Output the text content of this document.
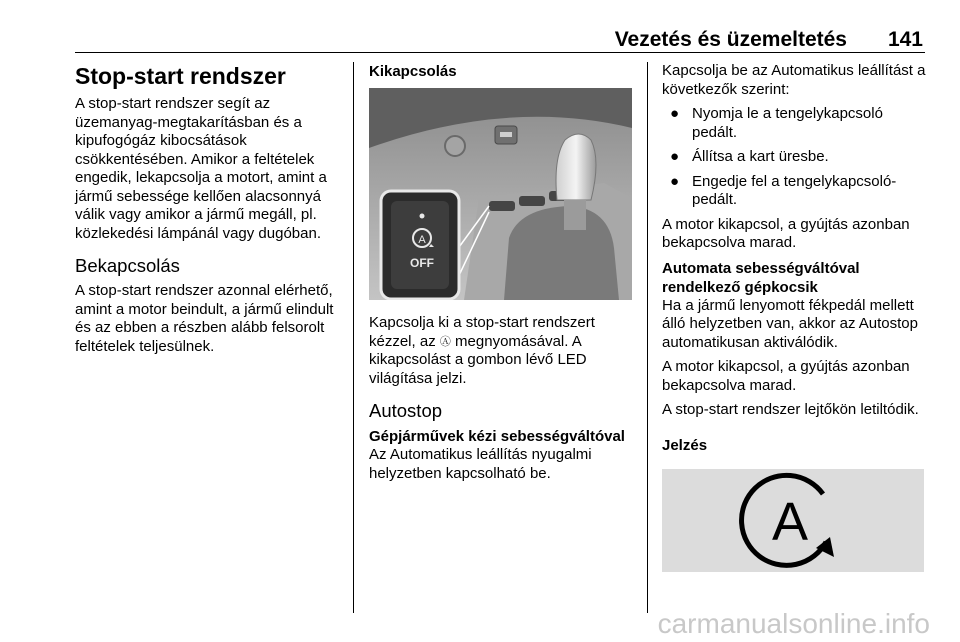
Vezetés és üzemeltetés 141
Stop-start rendszer

A stop-start rendszer segít az üzemanyag-megtakarításban és a kipufogógáz kibocsátások csökkentésében. Amikor a feltételek engedik, lekapcsolja a motort, amint a jármű sebessége kellően alacsonnyá válik vagy amikor a jármű megáll, pl. közlekedési lámpánál vagy dugóban.

Bekapcsolás

A stop-start rendszer azonnal elérhető, amint a motor beindult, a jármű elindult és az ebben a részben alább felsorolt feltételek teljesülnek.

Kikapcsolás
A
OFF

Kapcsolja ki a stop-start rendszert kézzel, az Ⓐ megnyomásával. A kikapcsolást a gombon lévő LED világítása jelzi.

Autostop
Gépjárművek kézi sebességváltóval

Az Automatikus leállítás nyugalmi helyzetben kapcsolható be.

Kapcsolja be az Automatikus leállítást a következők szerint:

● Nyomja le a tengelykapcsoló pedált.
● Állítsa a kart üresbe.
● Engedje fel a tengelykapcsoló-pedált.

A motor kikapcsol, a gyújtás azonban bekapcsolva marad.

Automata sebességváltóval rendelkező gépkocsik

Ha a jármű lenyomott fékpedál mellett álló helyzetben van, akkor az Autostop automatikusan aktiválódik.

A motor kikapcsol, a gyújtás azonban bekapcsolva marad.

A stop-start rendszer lejtőkön letiltódik.

Jelzés
A
carmanualsonline.info
